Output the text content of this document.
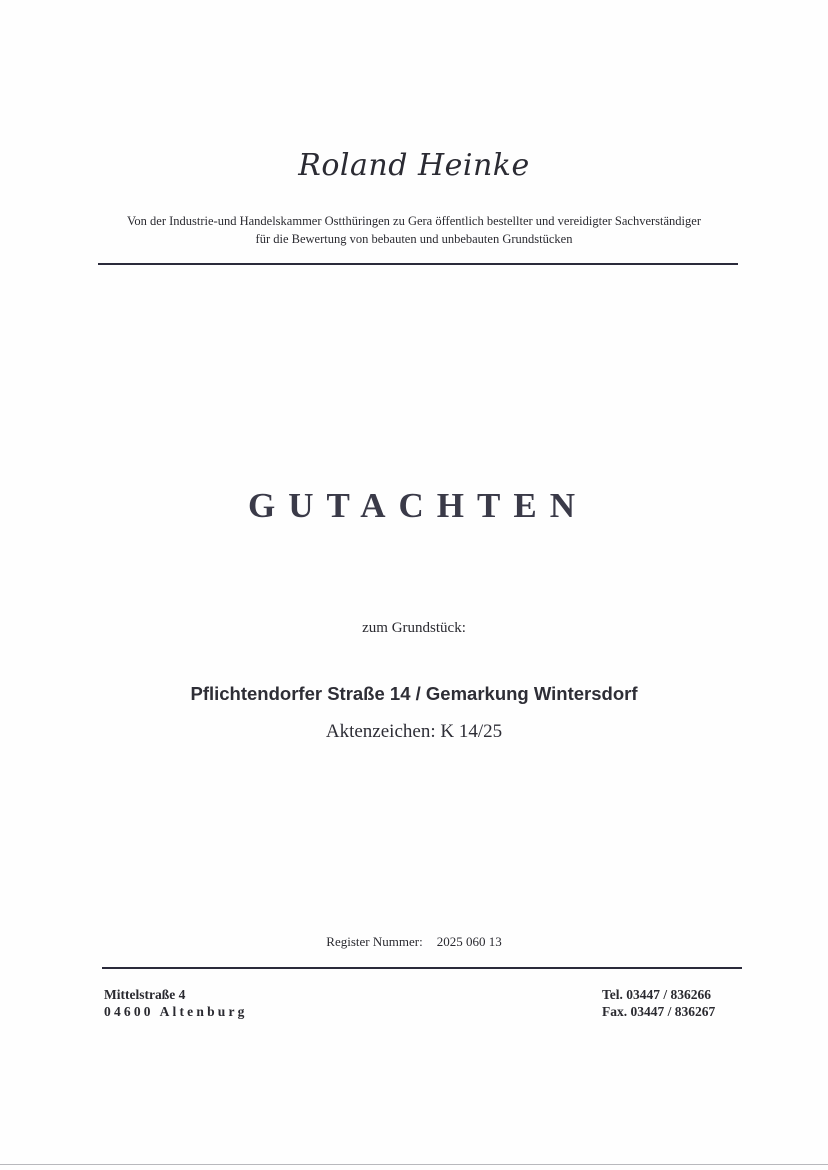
Roland Heinke
Von der Industrie-und Handelskammer Ostthüringen zu Gera öffentlich bestellter und vereidigter Sachverständiger
für die Bewertung von bebauten und unbebauten Grundstücken
GUTACHTEN
zum Grundstück:
Pflichtendorfer Straße 14 / Gemarkung Wintersdorf
Aktenzeichen: K 14/25
Register Nummer: 2025 060 13
Mittelstraße 4
04600 Altenburg
Tel. 03447 / 836266
Fax. 03447 / 836267
